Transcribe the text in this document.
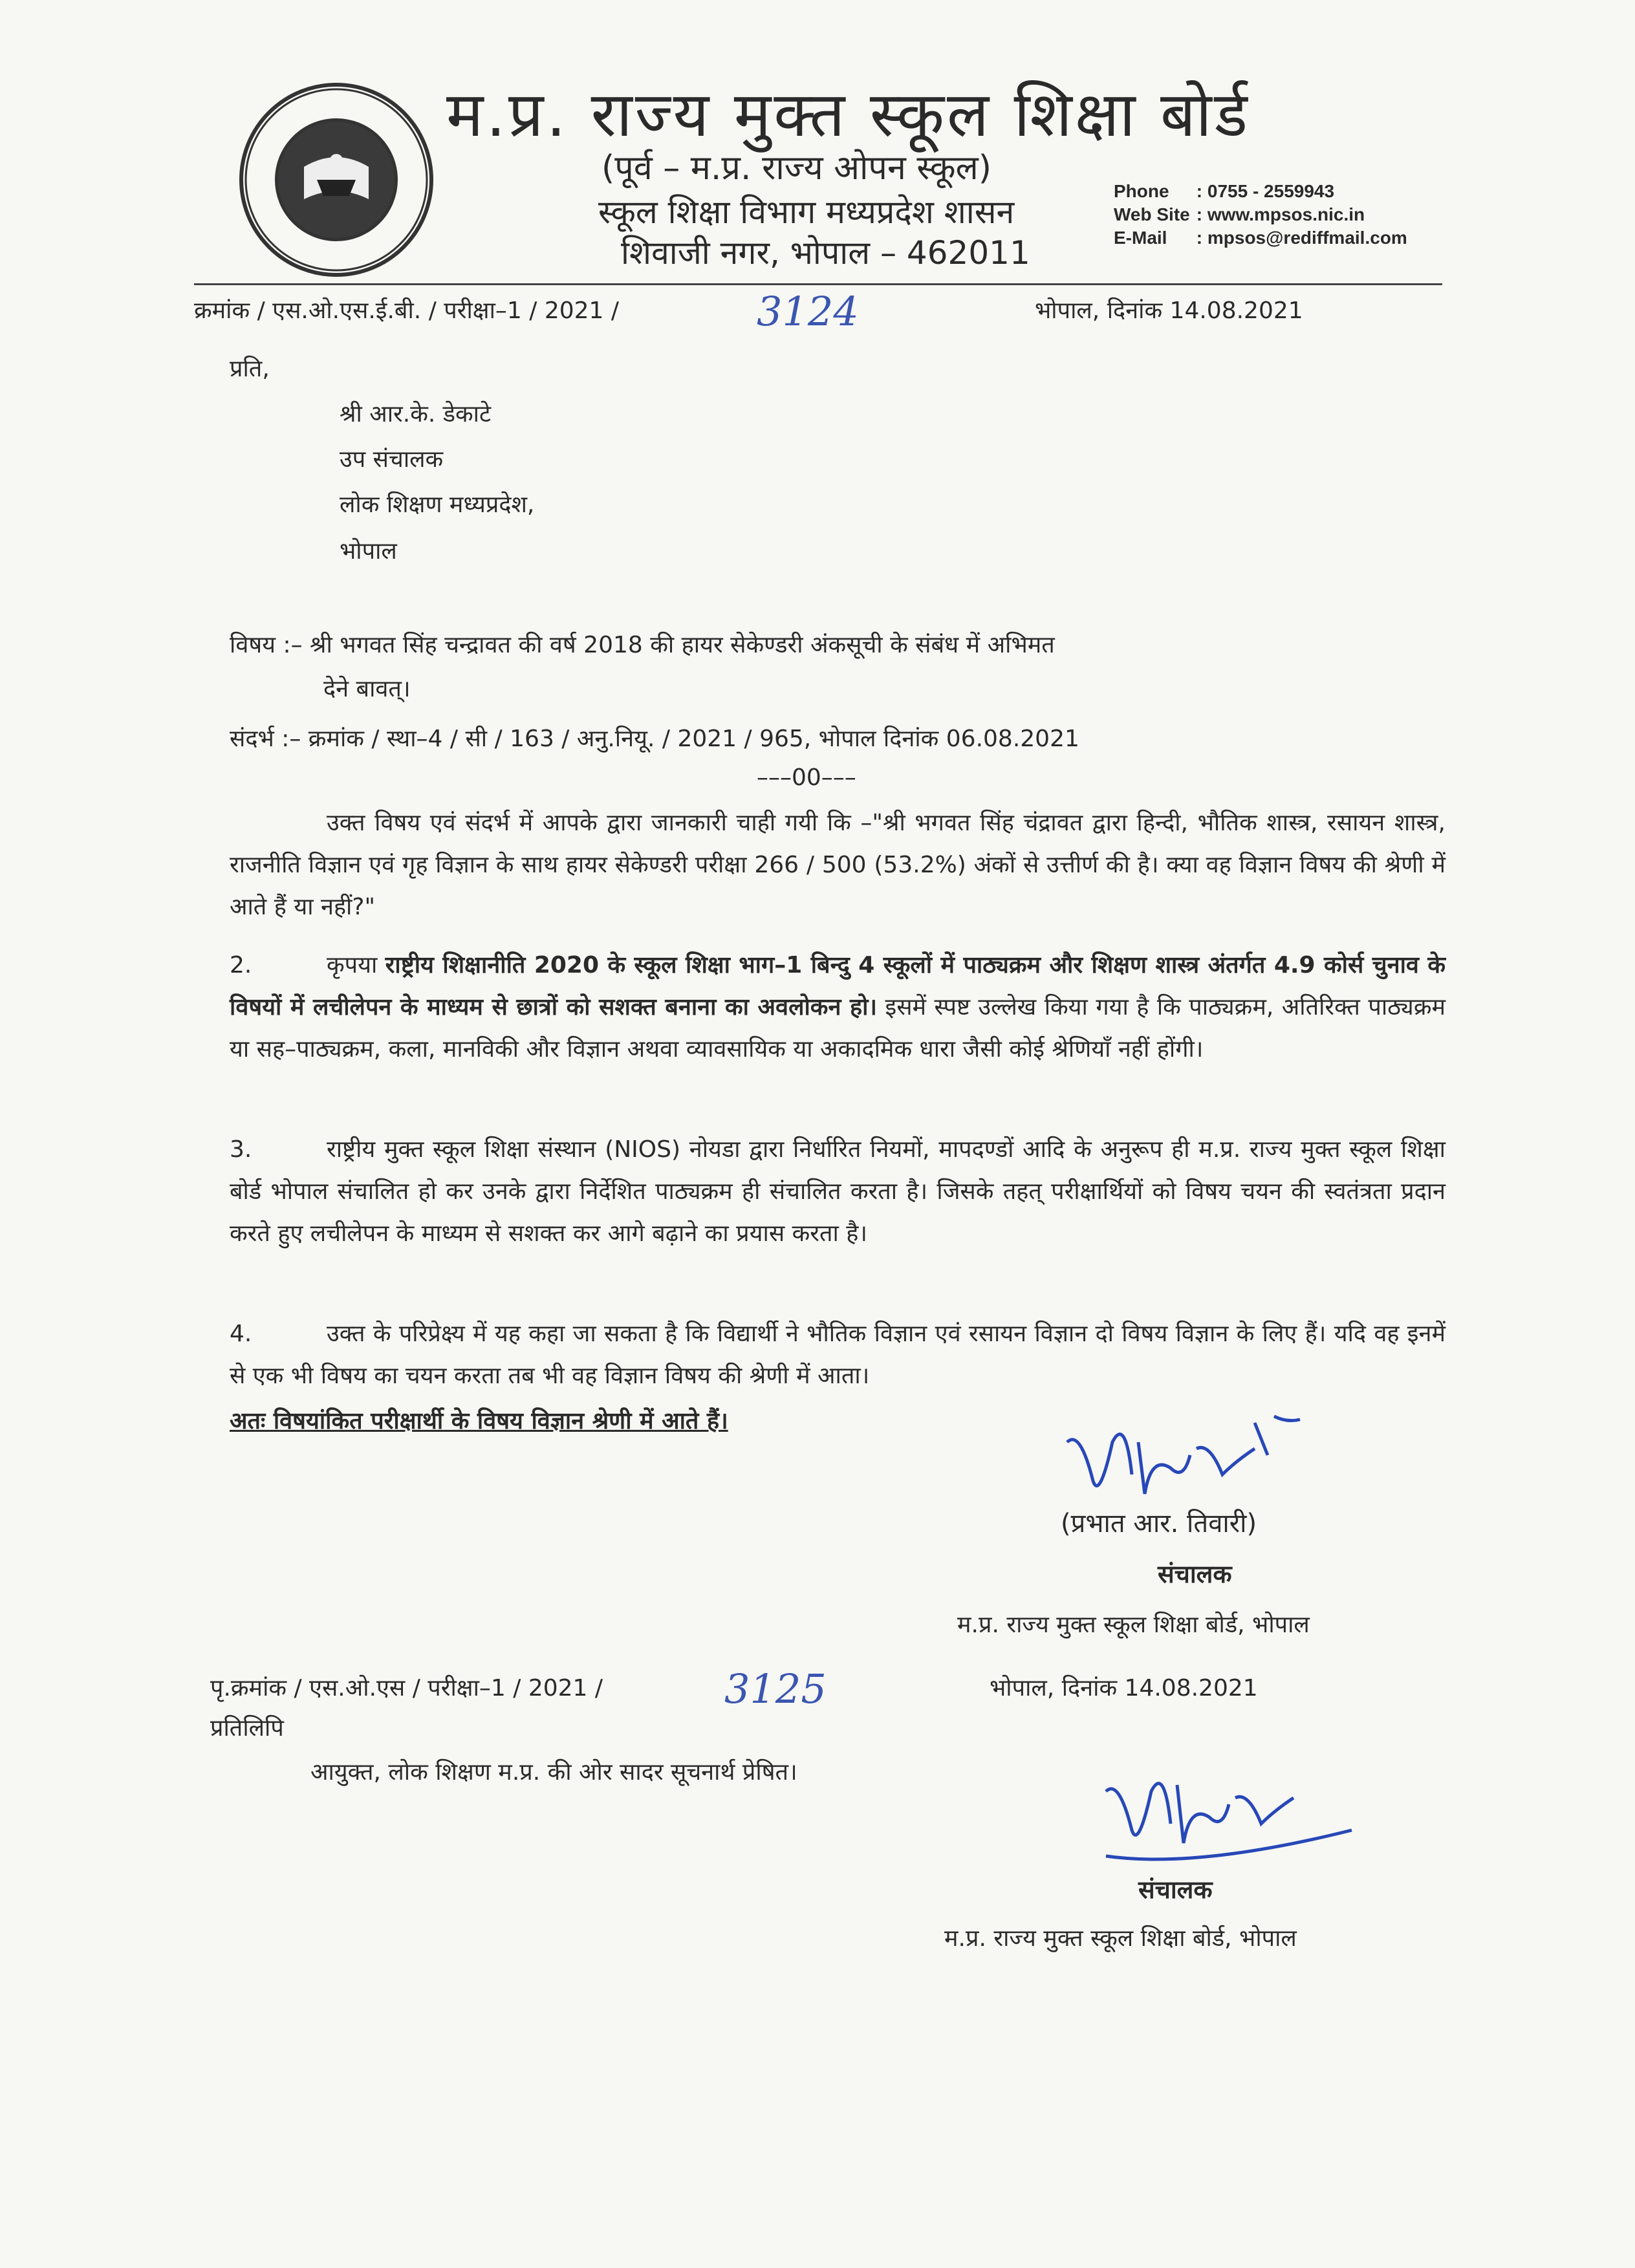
म.प्र. राज्य मुक्त स्कूल शिक्षा बोर्ड
(पूर्व – म.प्र. राज्य ओपन स्कूल)
स्कूल शिक्षा विभाग मध्यप्रदेश शासन
शिवाजी नगर, भोपाल – 462011
Phone : 0755 - 2559943
Web Site : www.mpsos.nic.in
E-Mail : mpsos@rediffmail.com
क्रमांक / एस.ओ.एस.ई.बी. / परीक्षा–1 / 2021 /	3124	भोपाल, दिनांक 14.08.2021
प्रति,
श्री आर.के. डेकाटे
उप संचालक
लोक शिक्षण मध्यप्रदेश,
भोपाल
विषय :– श्री भगवत सिंह चन्द्रावत की वर्ष 2018 की हायर सेकेण्डरी अंकसूची के संबंध में अभिमत
देने बावत्।
संदर्भ :– क्रमांक / स्था–4 / सी / 163 / अनु.नियू. / 2021 / 965, भोपाल दिनांक 06.08.2021
–––00–––
उक्त विषय एवं संदर्भ में आपके द्वारा जानकारी चाही गयी कि –"श्री भगवत सिंह चंद्रावत द्वारा हिन्दी, भौतिक शास्त्र, रसायन शास्त्र, राजनीति विज्ञान एवं गृह विज्ञान के साथ हायर सेकेण्डरी परीक्षा 266 / 500 (53.2%) अंकों से उत्तीर्ण की है। क्या वह विज्ञान विषय की श्रेणी में आते हैं या नहीं?"
2.	कृपया राष्ट्रीय शिक्षानीति 2020 के स्कूल शिक्षा भाग–1 बिन्दु 4 स्कूलों में पाठ्यक्रम और शिक्षण शास्त्र अंतर्गत 4.9 कोर्स चुनाव के विषयों में लचीलेपन के माध्यम से छात्रों को सशक्त बनाना का अवलोकन हो। इसमें स्पष्ट उल्लेख किया गया है कि पाठ्यक्रम, अतिरिक्त पाठ्यक्रम या सह–पाठ्यक्रम, कला, मानविकी और विज्ञान अथवा व्यावसायिक या अकादमिक धारा जैसी कोई श्रेणियाँ नहीं होंगी।
3.	राष्ट्रीय मुक्त स्कूल शिक्षा संस्थान (NIOS) नोयडा द्वारा निर्धारित नियमों, मापदण्डों आदि के अनुरूप ही म.प्र. राज्य मुक्त स्कूल शिक्षा बोर्ड भोपाल संचालित हो कर उनके द्वारा निर्देशित पाठ्यक्रम ही संचालित करता है। जिसके तहत् परीक्षार्थियों को विषय चयन की स्वतंत्रता प्रदान करते हुए लचीलेपन के माध्यम से सशक्त कर आगे बढ़ाने का प्रयास करता है।
4.	उक्त के परिप्रेक्ष्य में यह कहा जा सकता है कि विद्यार्थी ने भौतिक विज्ञान एवं रसायन विज्ञान दो विषय विज्ञान के लिए हैं। यदि वह इनमें से एक भी विषय का चयन करता तब भी वह विज्ञान विषय की श्रेणी में आता।
अतः विषयांकित परीक्षार्थी के विषय विज्ञान श्रेणी में आते हैं।
(प्रभात आर. तिवारी)
संचालक
म.प्र. राज्य मुक्त स्कूल शिक्षा बोर्ड, भोपाल
पृ.क्रमांक / एस.ओ.एस / परीक्षा–1 / 2021 /	3125	भोपाल, दिनांक 14.08.2021
प्रतिलिपि
आयुक्त, लोक शिक्षण म.प्र. की ओर सादर सूचनार्थ प्रेषित।
संचालक
म.प्र. राज्य मुक्त स्कूल शिक्षा बोर्ड, भोपाल
